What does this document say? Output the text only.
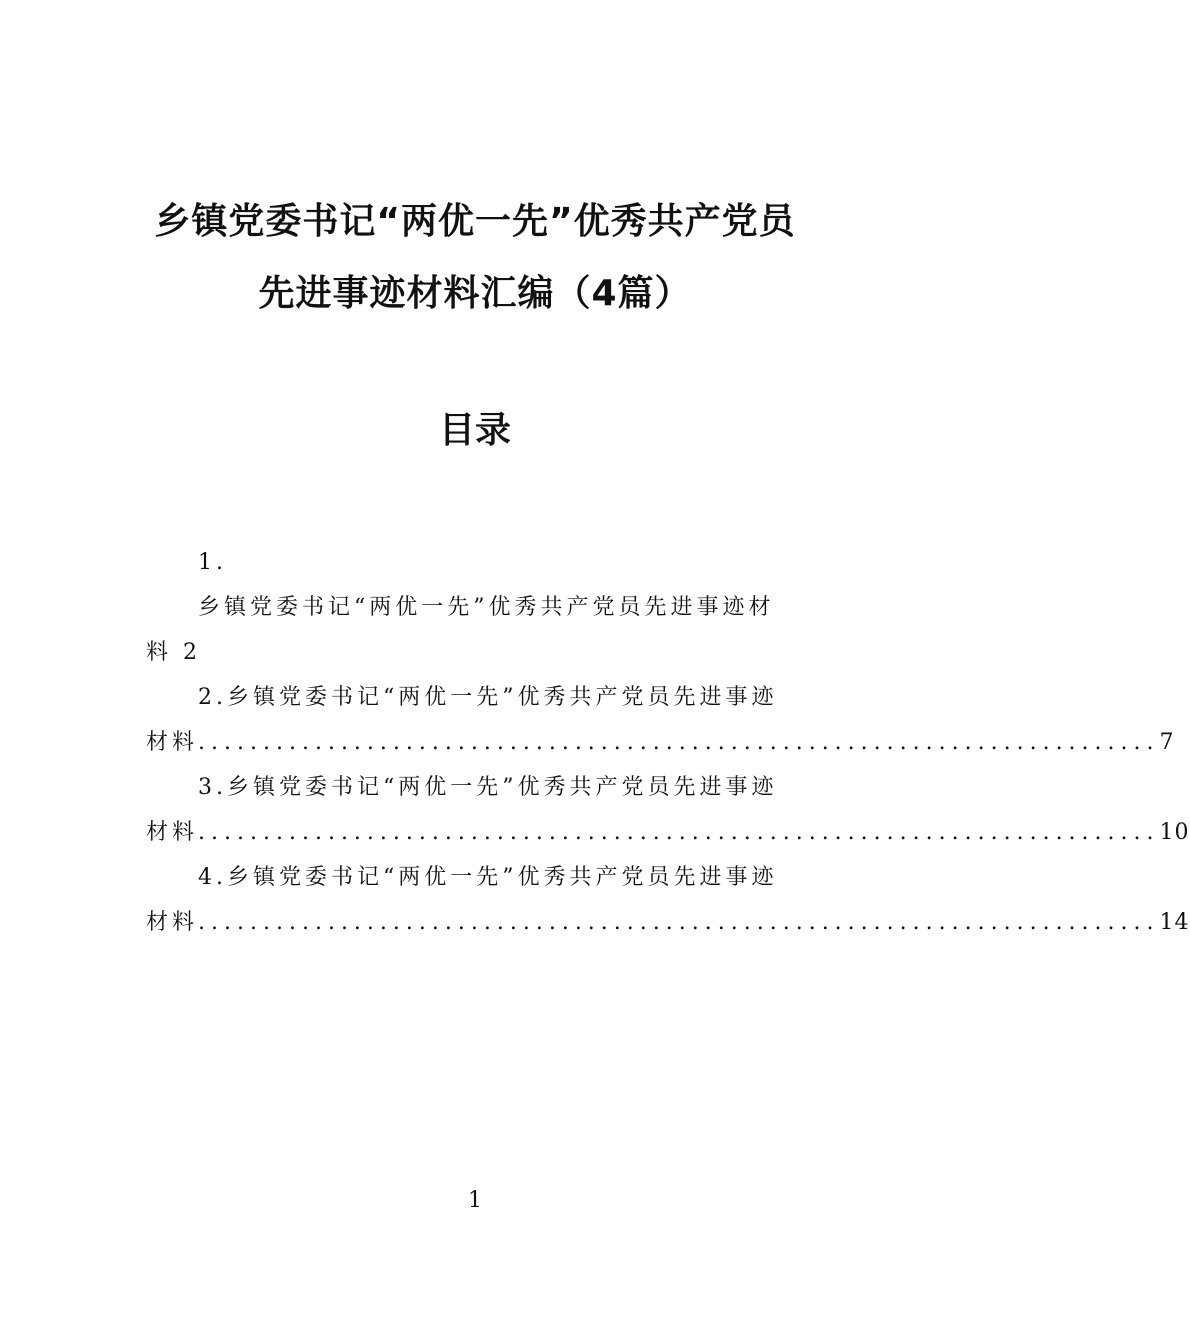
乡镇党委书记“两优一先”优秀共产党员
先进事迹材料汇编（4篇）
目录
1.
乡镇党委书记“两优一先”优秀共产党员先进事迹材
料 2
2.乡镇党委书记“两优一先”优秀共产党员先进事迹
材料 .......................................................................... 7
3.乡镇党委书记“两优一先”优秀共产党员先进事迹
材料 .......................................................................... 10
4.乡镇党委书记“两优一先”优秀共产党员先进事迹
材料 .......................................................................... 14
1
